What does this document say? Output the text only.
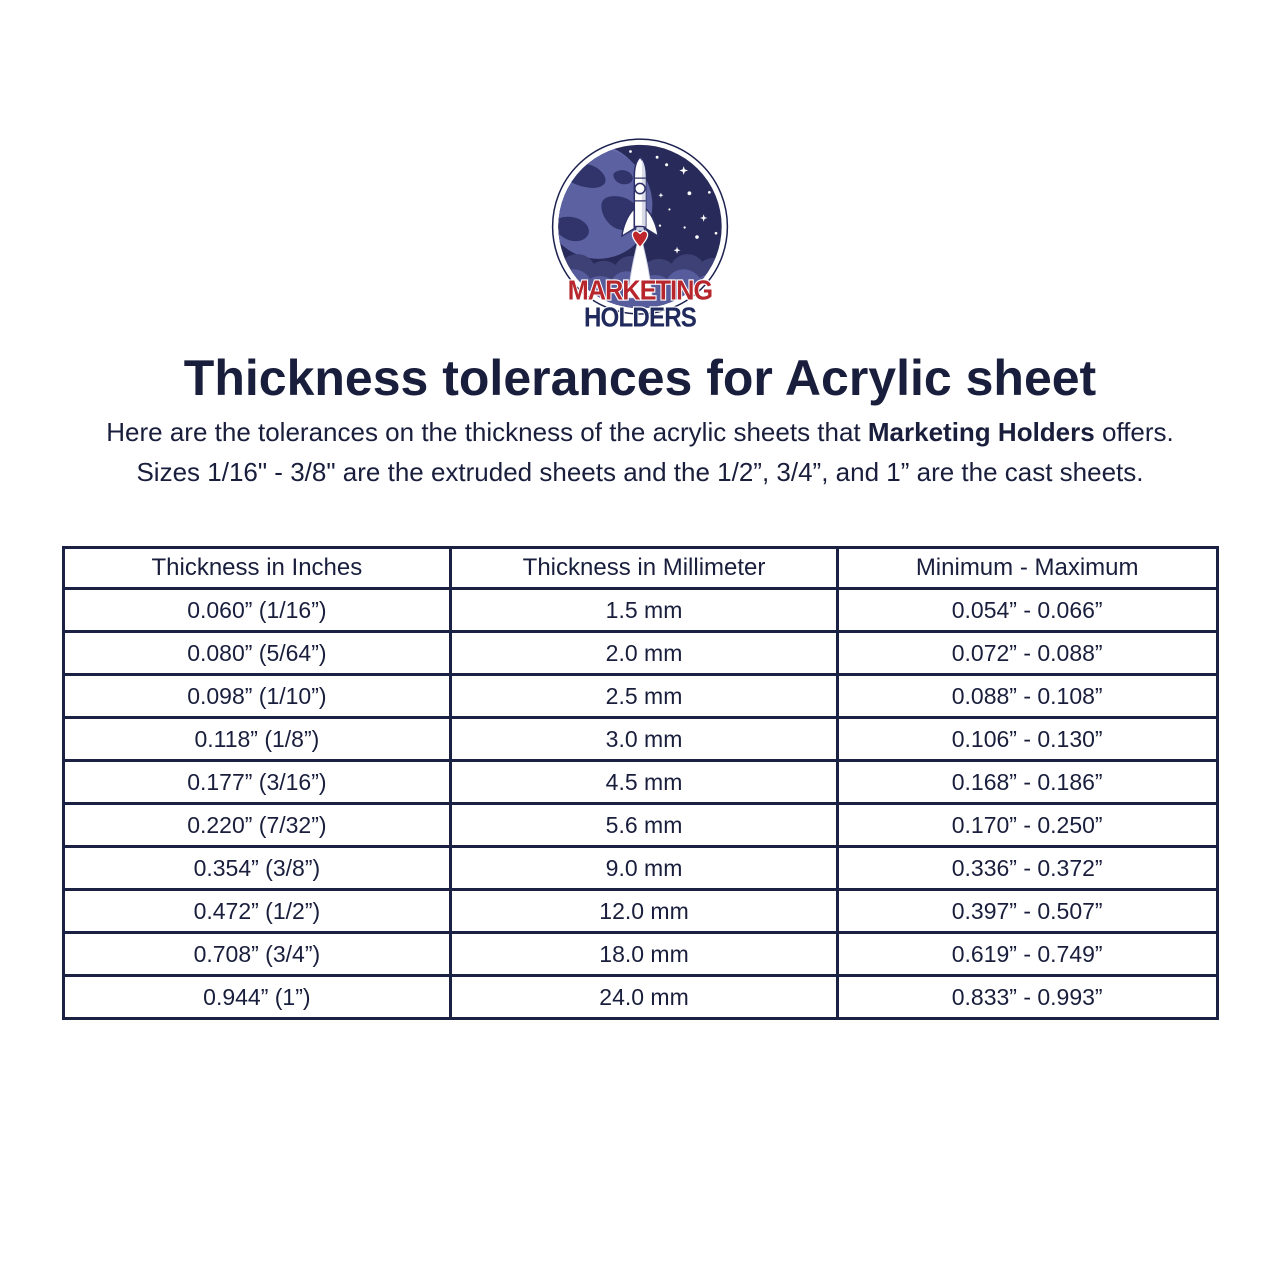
MARKETING
HOLDERS
Thickness tolerances for Acrylic sheet

Here are the tolerances on the thickness of the acrylic sheets that Marketing Holders offers.
Sizes 1/16" - 3/8" are the extruded sheets and the 1/2”, 3/4”, and 1” are the cast sheets.

Thickness in Inches	Thickness in Millimeter	Minimum - Maximum
0.060” (1/16”)	1.5 mm	0.054” - 0.066”
0.080” (5/64”)	2.0 mm	0.072” - 0.088”
0.098” (1/10”)	2.5 mm	0.088” - 0.108”
0.118” (1/8”)	3.0 mm	0.106” - 0.130”
0.177” (3/16”)	4.5 mm	0.168” - 0.186”
0.220” (7/32”)	5.6 mm	0.170” - 0.250”
0.354” (3/8”)	9.0 mm	0.336” - 0.372”
0.472” (1/2”)	12.0 mm	0.397” - 0.507”
0.708” (3/4”)	18.0 mm	0.619” - 0.749”
0.944” (1”)	24.0 mm	0.833” - 0.993”
